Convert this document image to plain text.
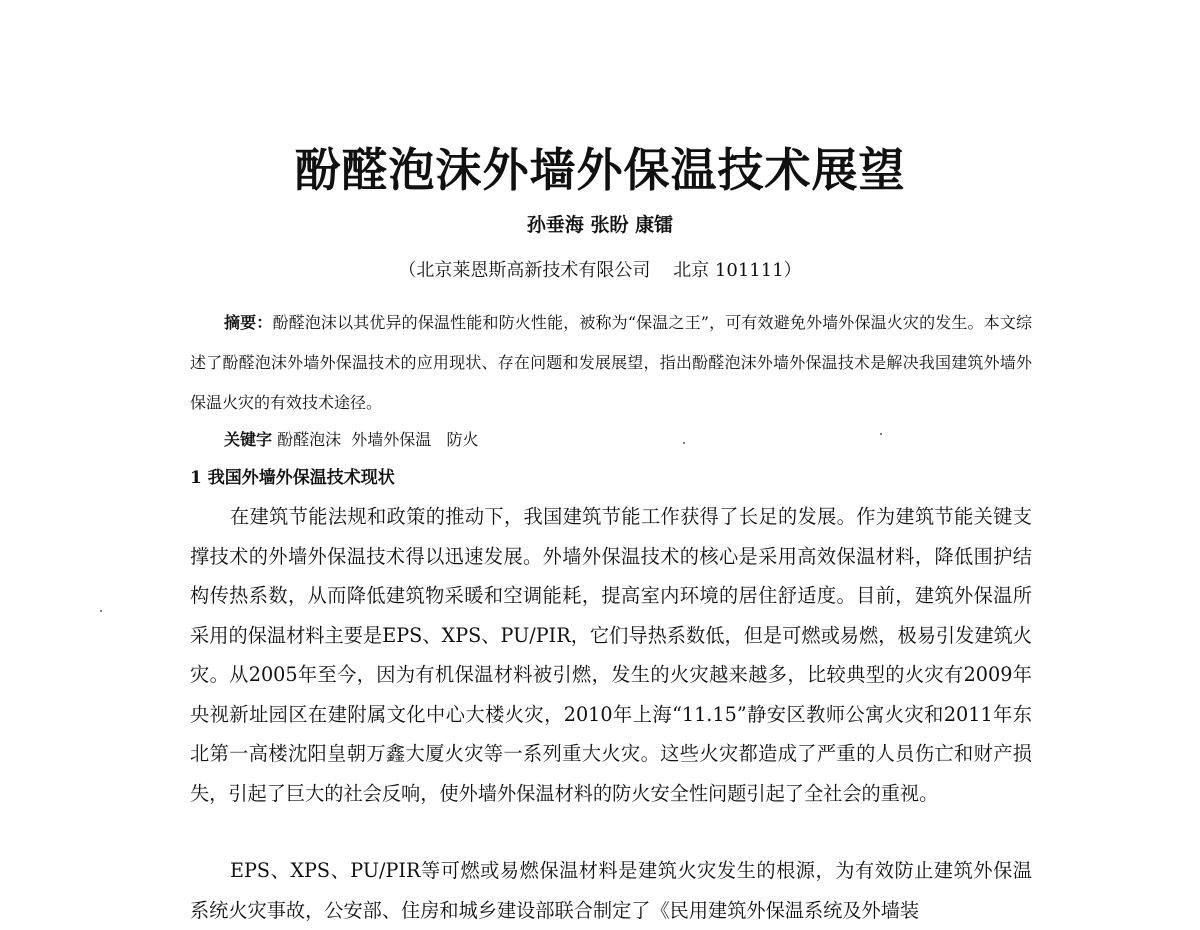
酚醛泡沫外墙外保温技术展望
孙垂海 张盼 康镭
（北京莱恩斯高新技术有限公司    北京 101111）

摘要：酚醛泡沫以其优异的保温性能和防火性能，被称为“保温之王”，可有效避免外墙外保温火灾的发生。本文综述了酚醛泡沫外墙外保温技术的应用现状、存在问题和发展展望，指出酚醛泡沫外墙外保温技术是解决我国建筑外墙外保温火灾的有效技术途径。

关键字 酚醛泡沫  外墙外保温   防火
1 我国外墙外保温技术现状

在建筑节能法规和政策的推动下，我国建筑节能工作获得了长足的发展。作为建筑节能关键支撑技术的外墙外保温技术得以迅速发展。外墙外保温技术的核心是采用高效保温材料，降低围护结构传热系数，从而降低建筑物采暖和空调能耗，提高室内环境的居住舒适度。目前，建筑外保温所采用的保温材料主要是EPS、XPS、PU/PIR，它们导热系数低，但是可燃或易燃，极易引发建筑火灾。从2005年至今，因为有机保温材料被引燃，发生的火灾越来越多，比较典型的火灾有2009年央视新址园区在建附属文化中心大楼火灾，2010年上海“11.15”静安区教师公寓火灾和2011年东北第一高楼沈阳皇朝万鑫大厦火灾等一系列重大火灾。这些火灾都造成了严重的人员伤亡和财产损失，引起了巨大的社会反响，使外墙外保温材料的防火安全性问题引起了全社会的重视。

EPS、XPS、PU/PIR等可燃或易燃保温材料是建筑火灾发生的根源，为有效防止建筑外保温系统火灾事故，公安部、住房和城乡建设部联合制定了《民用建筑外保温系统及外墙装
